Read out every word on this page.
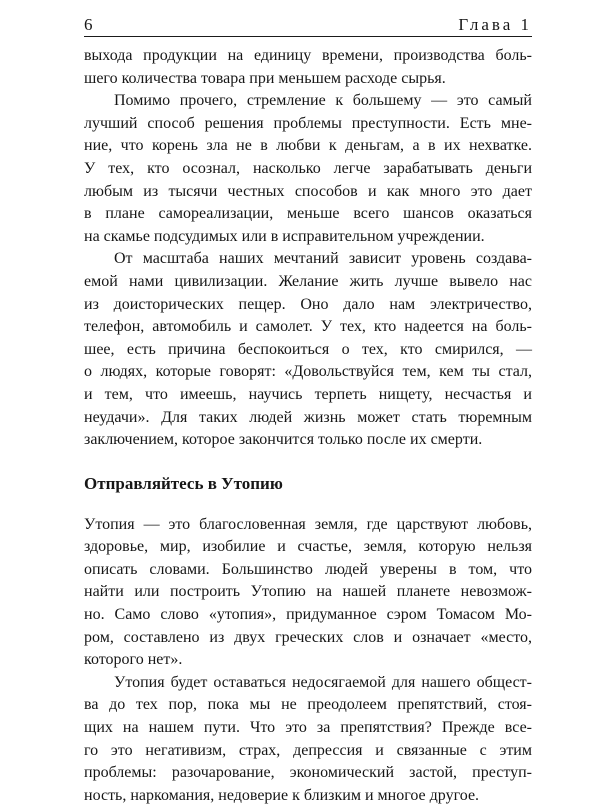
6	Глава 1
выхода продукции на единицу времени, производства боль-
шего количества товара при меньшем расходе сырья.
Помимо прочего, стремление к большему — это самый
лучший способ решения проблемы преступности. Есть мне-
ние, что корень зла не в любви к деньгам, а в их нехватке.
У тех, кто осознал, насколько легче зарабатывать деньги
любым из тысячи честных способов и как много это дает
в плане самореализации, меньше всего шансов оказаться
на скамье подсудимых или в исправительном учреждении.
От масштаба наших мечтаний зависит уровень создава-
емой нами цивилизации. Желание жить лучше вывело нас
из доисторических пещер. Оно дало нам электричество,
телефон, автомобиль и самолет. У тех, кто надеется на боль-
шее, есть причина беспокоиться о тех, кто смирился, —
о людях, которые говорят: «Довольствуйся тем, кем ты стал,
и тем, что имеешь, научись терпеть нищету, несчастья и
неудачи». Для таких людей жизнь может стать тюремным
заключением, которое закончится только после их смерти.
Отправляйтесь в Утопию
Утопия — это благословенная земля, где царствуют любовь,
здоровье, мир, изобилие и счастье, земля, которую нельзя
описать словами. Большинство людей уверены в том, что
найти или построить Утопию на нашей планете невозмож-
но. Само слово «утопия», придуманное сэром Томасом Мо-
ром, составлено из двух греческих слов и означает «место,
которого нет».
Утопия будет оставаться недосягаемой для нашего общест-
ва до тех пор, пока мы не преодолеем препятствий, стоя-
щих на нашем пути. Что это за препятствия? Прежде все-
го это негативизм, страх, депрессия и связанные с этим
проблемы: разочарование, экономический застой, преступ-
ность, наркомания, недоверие к близким и многое другое.
